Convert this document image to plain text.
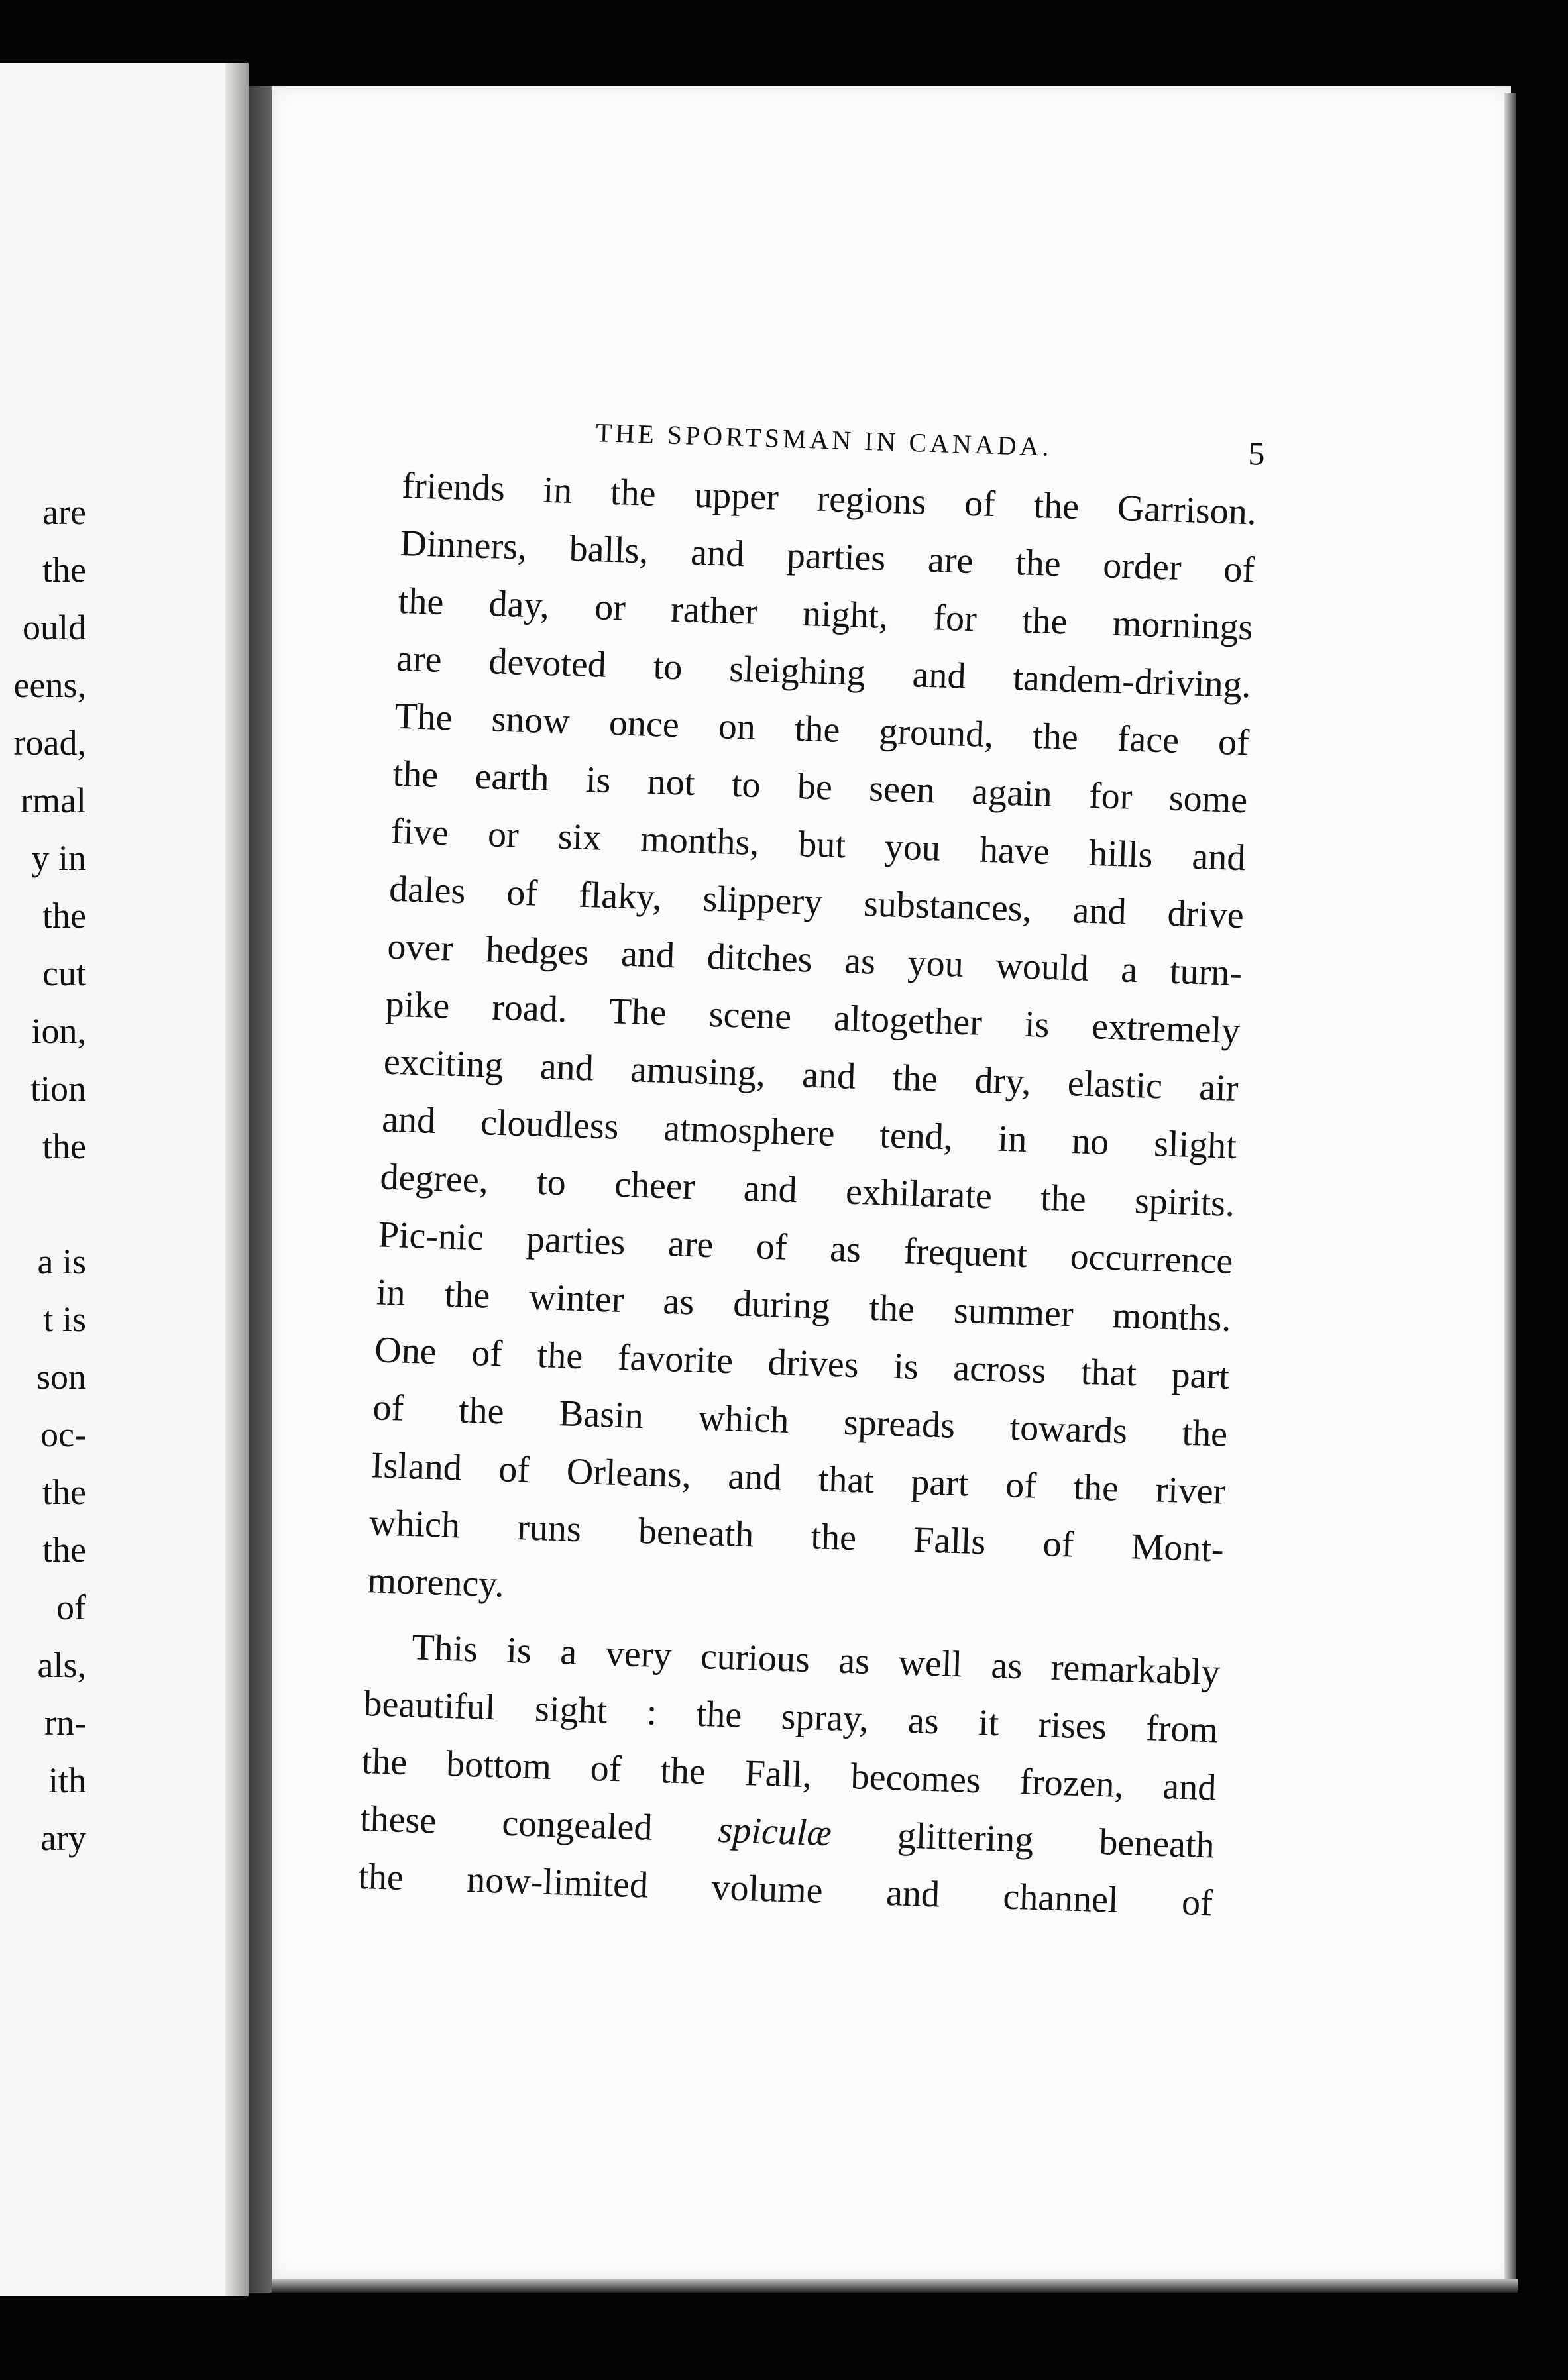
are
the
ould
eens,
road,
rmal
y in
the
cut
ion,
tion
the
a is
t is
son
oc-
the
the
of
als,
rn-
ith
ary
THE SPORTSMAN IN CANADA.	5
friends in the upper regions of the Garrison.
Dinners, balls, and parties are the order of
the day, or rather night, for the mornings
are devoted to sleighing and tandem-driving.
The snow once on the ground, the face of
the earth is not to be seen again for some
five or six months, but you have hills and
dales of flaky, slippery substances, and drive
over hedges and ditches as you would a turn-
pike road. The scene altogether is extremely
exciting and amusing, and the dry, elastic air
and cloudless atmosphere tend, in no slight
degree, to cheer and exhilarate the spirits.
Pic-nic parties are of as frequent occurrence
in the winter as during the summer months.
One of the favorite drives is across that part
of the Basin which spreads towards the
Island of Orleans, and that part of the river
which runs beneath the Falls of Mont-
morency.
This is a very curious as well as remarkably
beautiful sight : the spray, as it rises from
the bottom of the Fall, becomes frozen, and
these congealed spiculæ glittering beneath
the now-limited volume and channel of
